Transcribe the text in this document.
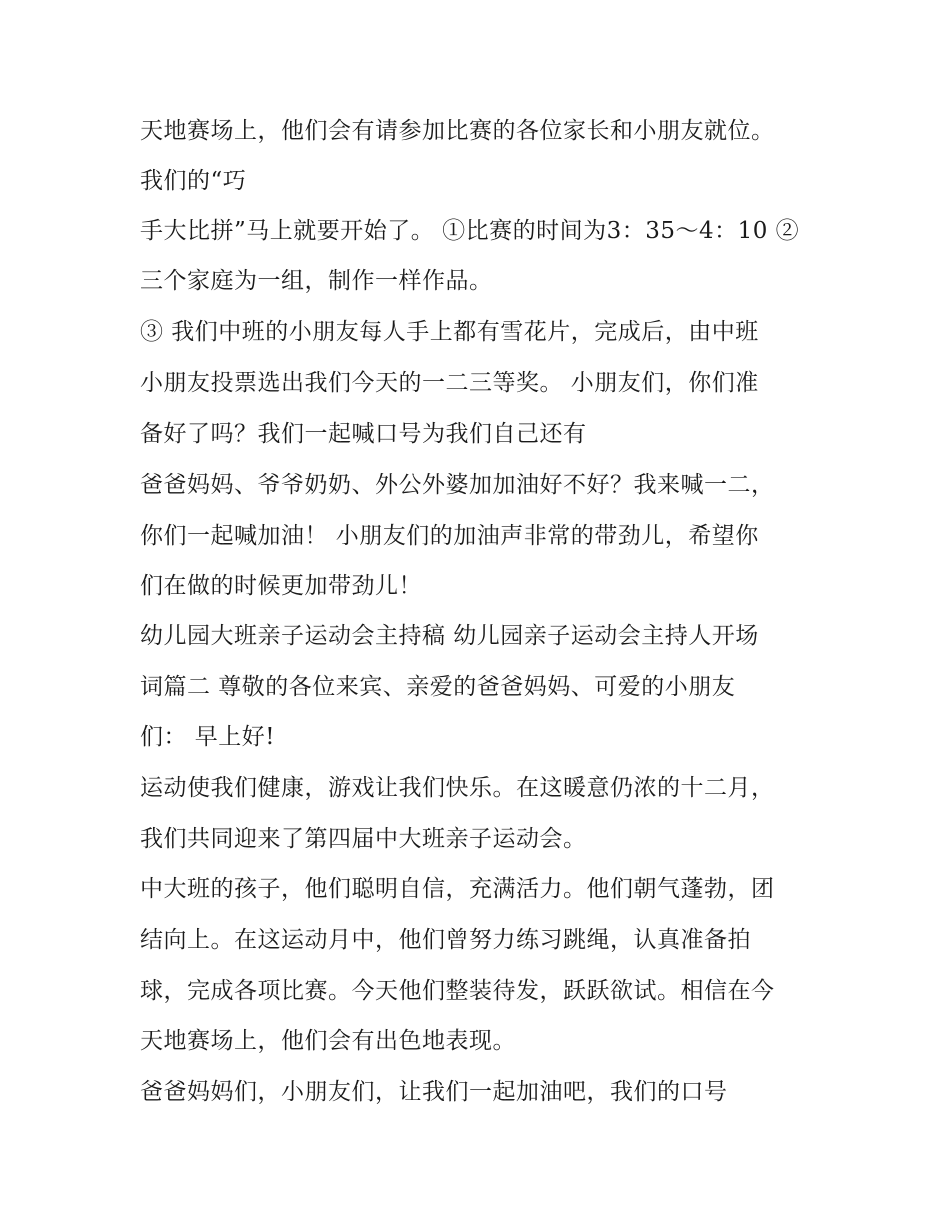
天地赛场上，他们会有请参加比赛的各位家长和小朋友就位。
我们的“巧
手大比拼”马上就要开始了。 ①比赛的时间为3：35～4：10 ②
三个家庭为一组，制作一样作品。
③ 我们中班的小朋友每人手上都有雪花片，完成后，由中班
小朋友投票选出我们今天的一二三等奖。 小朋友们，你们准
备好了吗？我们一起喊口号为我们自己还有
爸爸妈妈、爷爷奶奶、外公外婆加加油好不好？我来喊一二，
你们一起喊加油！ 小朋友们的加油声非常的带劲儿，希望你
们在做的时候更加带劲儿！
幼儿园大班亲子运动会主持稿 幼儿园亲子运动会主持人开场
词篇二 尊敬的各位来宾、亲爱的爸爸妈妈、可爱的小朋友
们： 早上好!
运动使我们健康，游戏让我们快乐。在这暖意仍浓的十二月，
我们共同迎来了第四届中大班亲子运动会。
中大班的孩子，他们聪明自信，充满活力。他们朝气蓬勃，团
结向上。在这运动月中，他们曾努力练习跳绳，认真准备拍
球，完成各项比赛。今天他们整装待发，跃跃欲试。相信在今
天地赛场上，他们会有出色地表现。
爸爸妈妈们，小朋友们，让我们一起加油吧，我们的口号
